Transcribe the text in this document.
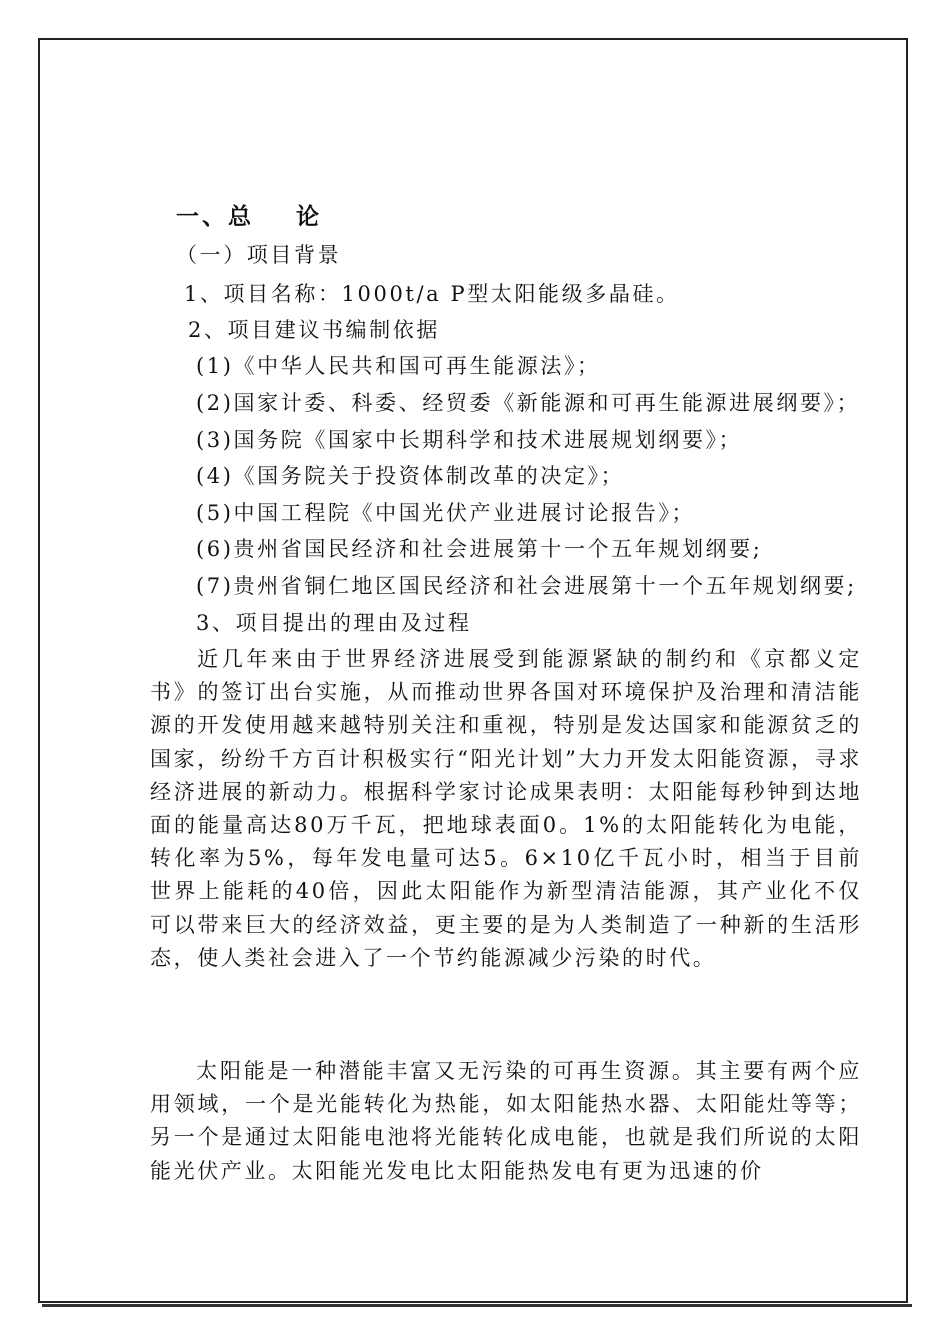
一、总 论
（一）项目背景
1、项目名称：1000t/a P型太阳能级多晶硅。
2、项目建议书编制依据
(1)《中华人民共和国可再生能源法》；
(2)国家计委、科委、经贸委《新能源和可再生能源进展纲要》；
(3)国务院《国家中长期科学和技术进展规划纲要》；
(4)《国务院关于投资体制改革的决定》；
(5)中国工程院《中国光伏产业进展讨论报告》；
(6)贵州省国民经济和社会进展第十一个五年规划纲要;
(7)贵州省铜仁地区国民经济和社会进展第十一个五年规划纲要;
3、项目提出的理由及过程
近几年来由于世界经济进展受到能源紧缺的制约和《京都义定书》的签订出台实施，从而推动世界各国对环境保护及治理和清洁能源的开发使用越来越特别关注和重视，特别是发达国家和能源贫乏的国家，纷纷千方百计积极实行“阳光计划”大力开发太阳能资源，寻求经济进展的新动力。根据科学家讨论成果表明：太阳能每秒钟到达地面的能量高达80万千瓦，把地球表面0。1%的太阳能转化为电能，转化率为5%，每年发电量可达5。6×10亿千瓦小时，相当于目前世界上能耗的40倍，因此太阳能作为新型清洁能源，其产业化不仅可以带来巨大的经济效益，更主要的是为人类制造了一种新的生活形态，使人类社会进入了一个节约能源减少污染的时代。
太阳能是一种潜能丰富又无污染的可再生资源。其主要有两个应用领域，一个是光能转化为热能，如太阳能热水器、太阳能灶等等；另一个是通过太阳能电池将光能转化成电能，也就是我们所说的太阳能光伏产业。太阳能光发电比太阳能热发电有更为迅速的价
